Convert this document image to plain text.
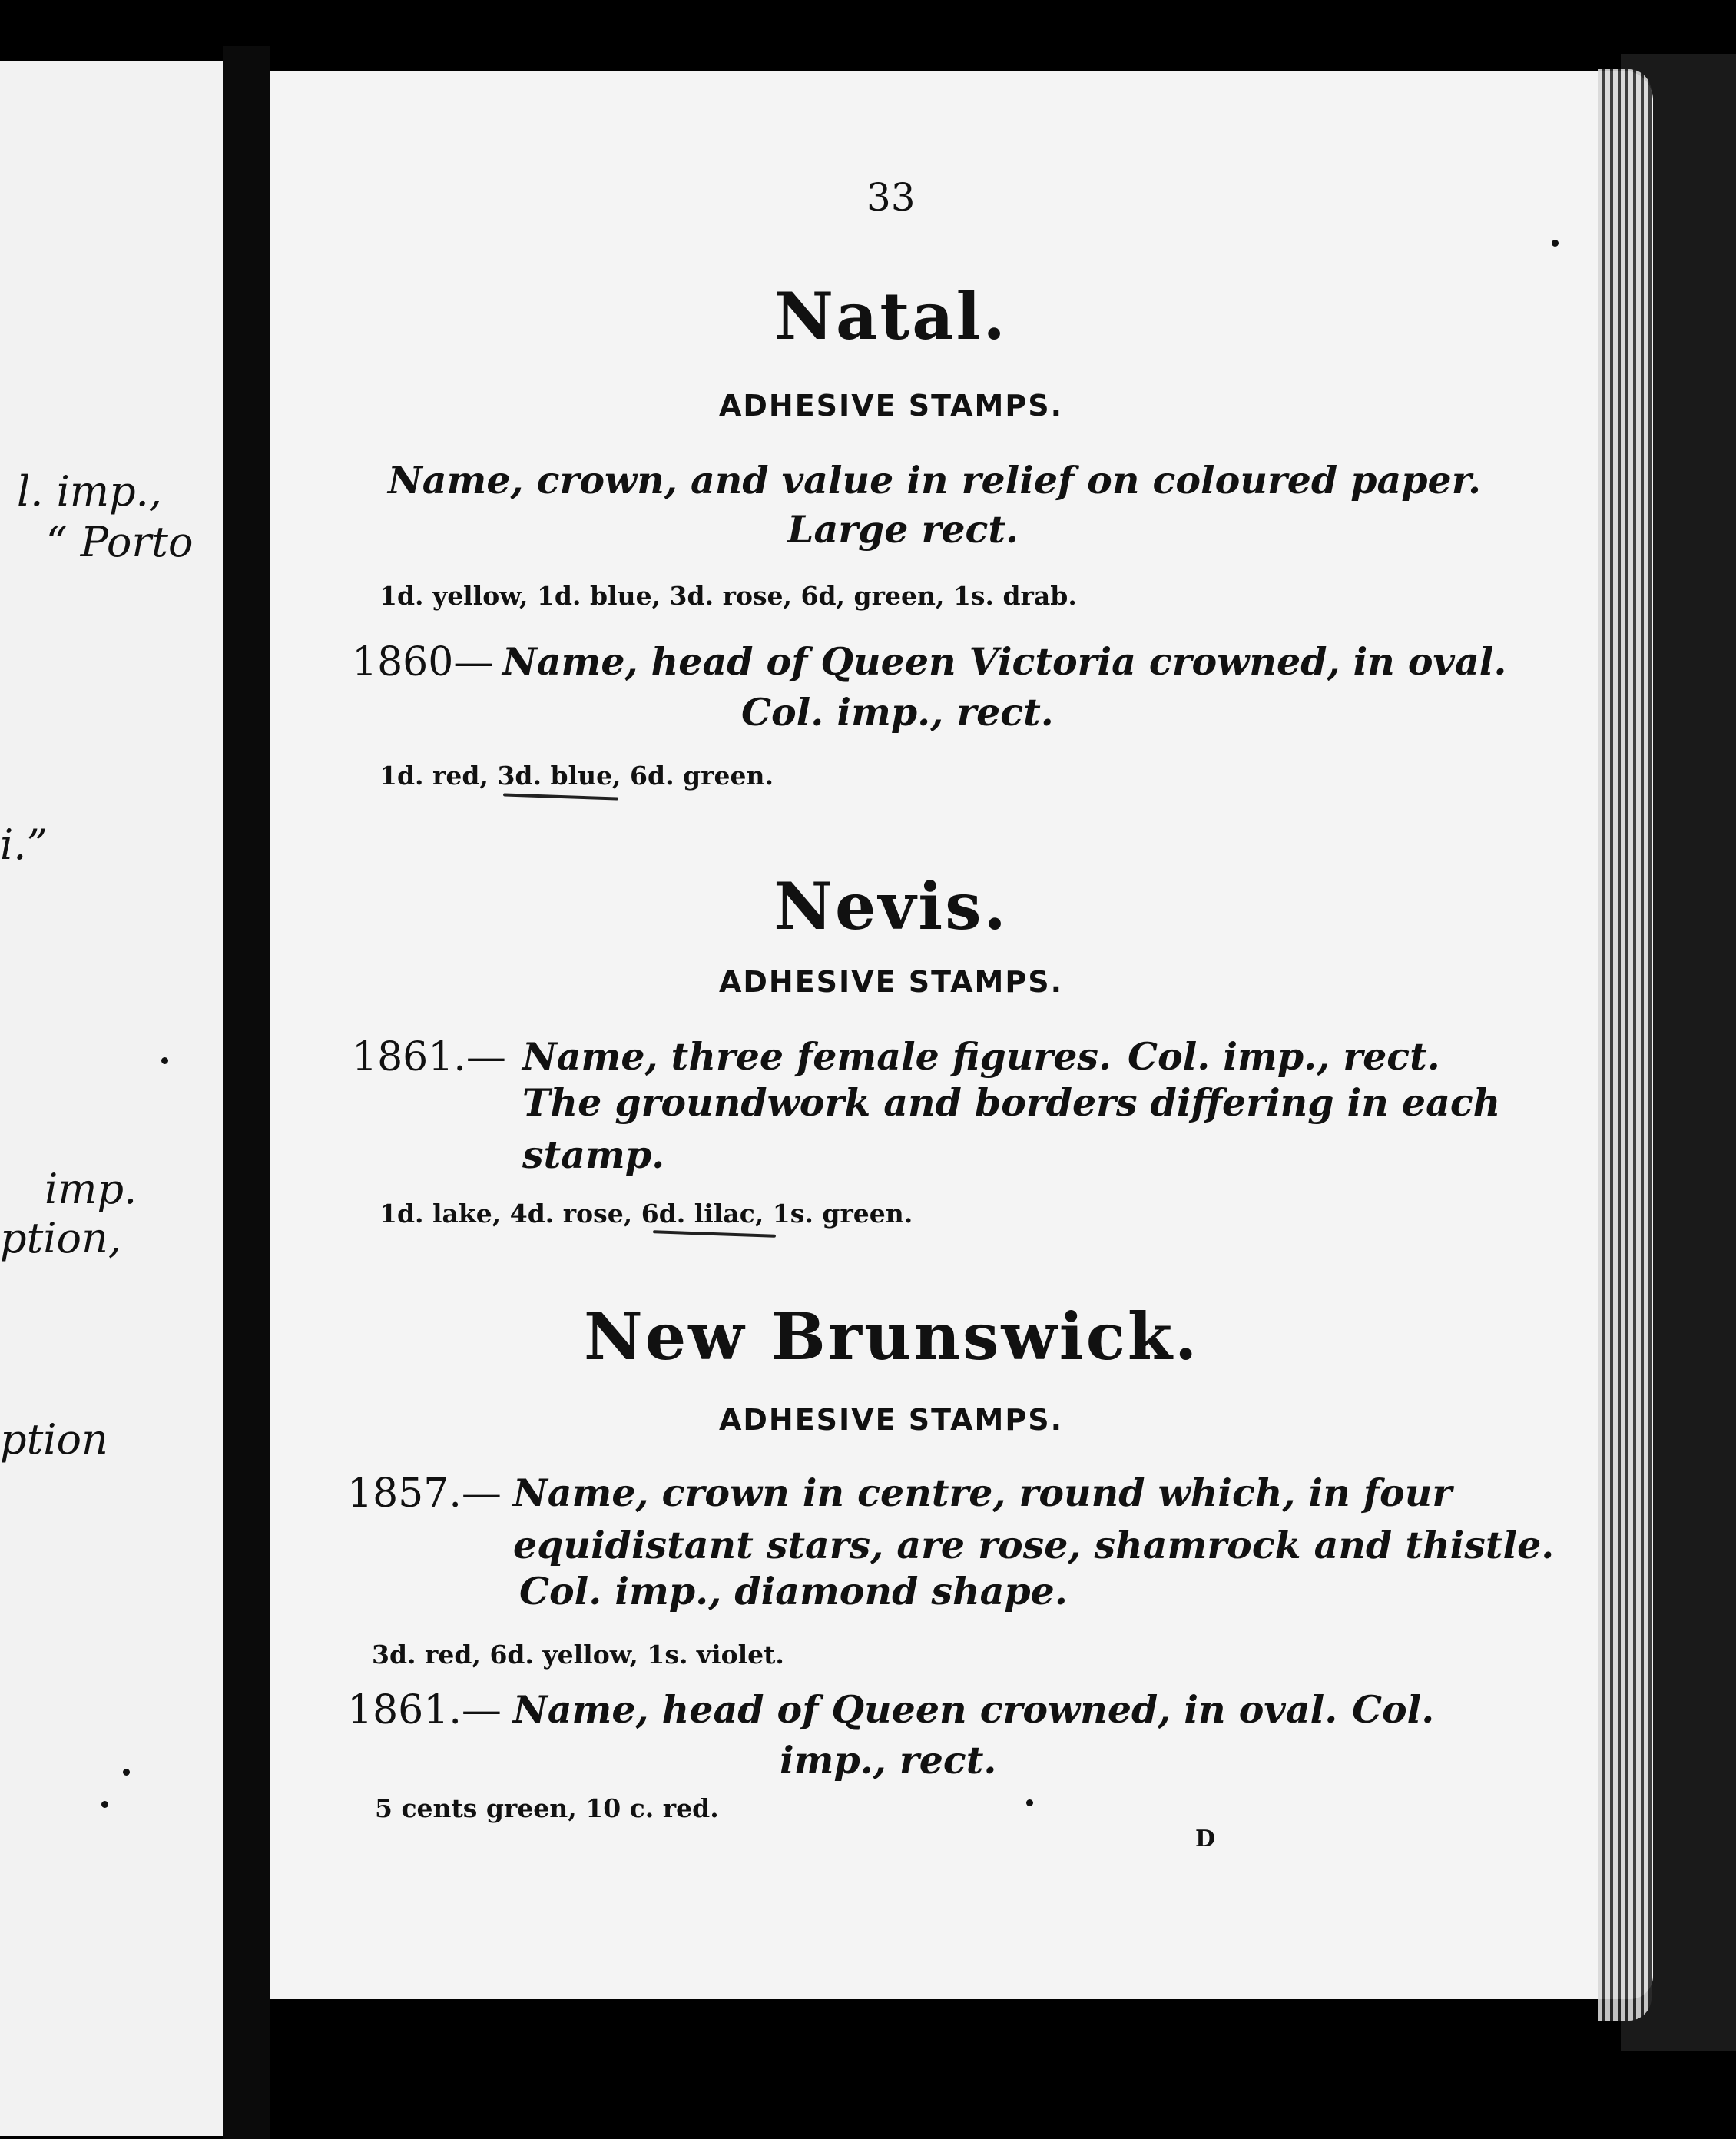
l. imp.,
“ Porto
i.”
imp.
ption,
ption
33
Natal.
ADHESIVE STAMPS.
Name, crown, and value in relief on coloured paper.
Large rect.
1d. yellow, 1d. blue, 3d. rose, 6d, green, 1s. drab.
1860— Name, head of Queen Victoria crowned, in oval.
Col. imp., rect.
1d. red, 3d. blue, 6d. green.
Nevis.
ADHESIVE STAMPS.
1861.— Name, three female figures. Col. imp., rect.
The groundwork and borders differing in each
stamp.
1d. lake, 4d. rose, 6d. lilac, 1s. green.
New Brunswick.
ADHESIVE STAMPS.
1857.— Name, crown in centre, round which, in four
equidistant stars, are rose, shamrock and thistle.
Col. imp., diamond shape.
3d. red, 6d. yellow, 1s. violet.
1861.— Name, head of Queen crowned, in oval. Col.
imp., rect.
5 cents green, 10 c. red.
D
